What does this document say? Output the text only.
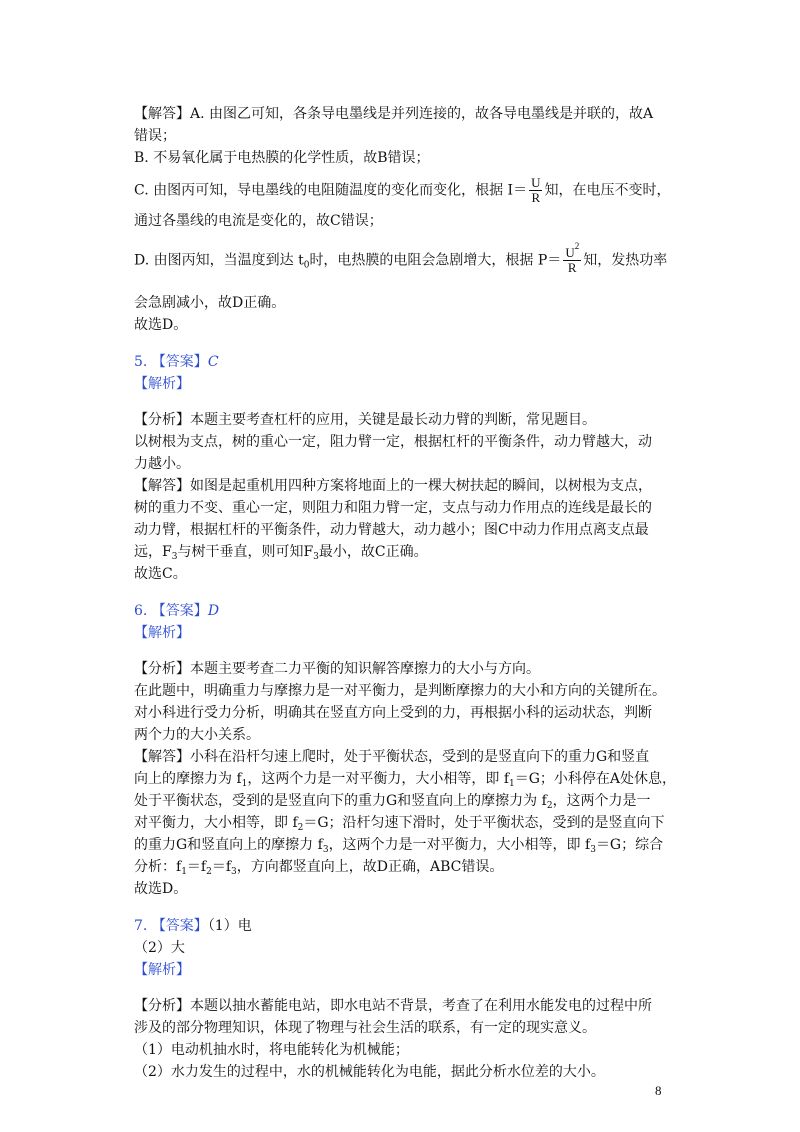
【解答】A. 由图乙可知，各条导电墨线是并列连接的，故各导电墨线是并联的，故A
错误；
B. 不易氧化属于电热膜的化学性质，故B错误；
C. 由图丙可知，导电墨线的电阻随温度的变化而变化，根据 $I= \frac{U}{R}$ 知，在电压不变时，
通过各墨线的电流是变化的，故C错误；
D. 由图丙知，当温度到达 $t_0$时，电热膜的电阻会急剧增大，根据 $P= \frac{U^2}{R}$ 知，发热功率
会急剧减小，故D正确。
故选D。
5. 【答案】C
【解析】
【分析】本题主要考查杠杆的应用，关键是最长动力臂的判断，常见题目。
以树根为支点，树的重心一定，阻力臂一定，根据杠杆的平衡条件，动力臂越大，动
力越小。
【解答】如图是起重机用四种方案将地面上的一棵大树扶起的瞬间，以树根为支点，
树的重力不变、重心一定，则阻力和阻力臂一定，支点与动力作用点的连线是最长的
动力臂，根据杠杆的平衡条件，动力臂越大，动力越小；图C中动力作用点离支点最
远，$F_3$与树干垂直，则可知$F_3$最小，故C正确。
故选C。
6. 【答案】D
【解析】
【分析】本题主要考查二力平衡的知识解答摩擦力的大小与方向。
在此题中，明确重力与摩擦力是一对平衡力，是判断摩擦力的大小和方向的关键所在。
对小科进行受力分析，明确其在竖直方向上受到的力，再根据小科的运动状态，判断
两个力的大小关系。
【解答】小科在沿杆匀速上爬时，处于平衡状态，受到的是竖直向下的重力G和竖直
向上的摩擦力为 $f_1$，这两个力是一对平衡力，大小相等，即 $f_1=G$；小科停在A处休息，
处于平衡状态，受到的是竖直向下的重力G和竖直向上的摩擦力为 $f_2$，这两个力是一
对平衡力，大小相等，即 $f_2=G$；沿杆匀速下滑时，处于平衡状态，受到的是竖直向下
的重力G和竖直向上的摩擦力 $f_3$，这两个力是一对平衡力，大小相等，即 $f_3=G$；综合
分析：$f_1=f_2=f_3$，方向都竖直向上，故D正确，ABC错误。
故选D。
7. 【答案】（1）电
（2）大
【解析】
【分析】本题以抽水蓄能电站，即水电站不背景，考查了在利用水能发电的过程中所
涉及的部分物理知识，体现了物理与社会生活的联系，有一定的现实意义。
（1）电动机抽水时，将电能转化为机械能；
（2）水力发生的过程中，水的机械能转化为电能，据此分析水位差的大小。
8
